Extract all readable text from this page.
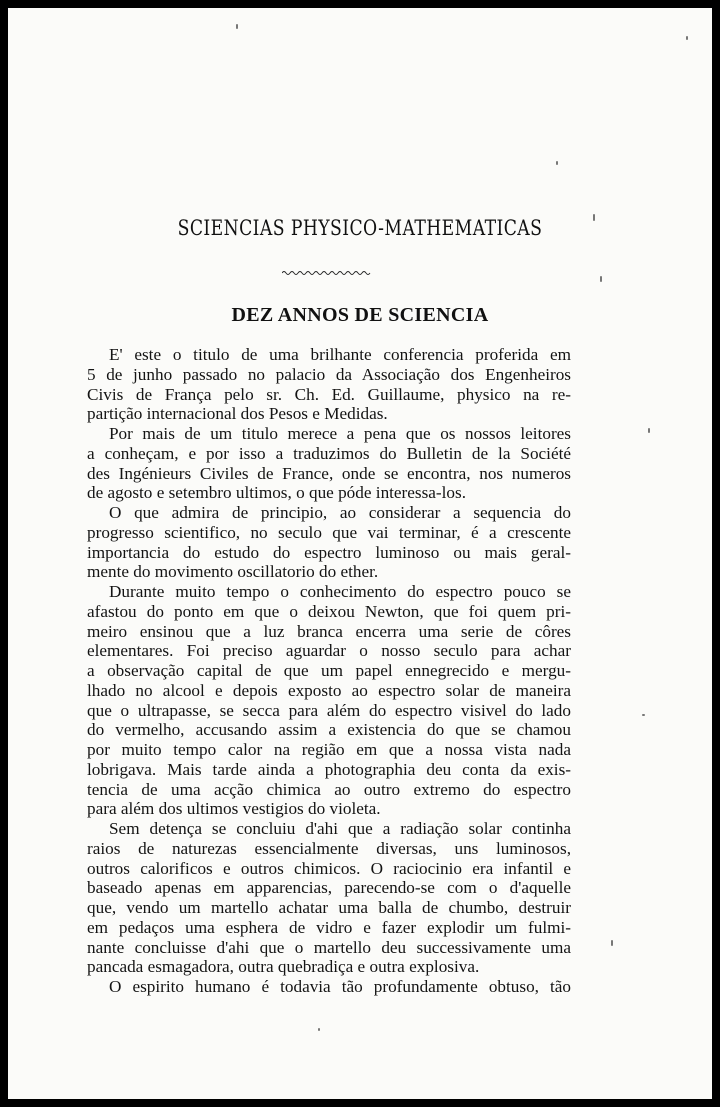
SCIENCIAS PHYSICO-MATHEMATICAS
DEZ ANNOS DE SCIENCIA
E' este o titulo de uma brilhante conferencia proferida em
5 de junho passado no palacio da Associação dos Engenheiros
Civis de França pelo sr. Ch. Ed. Guillaume, physico na re-
partição internacional dos Pesos e Medidas.
Por mais de um titulo merece a pena que os nossos leitores
a conheçam, e por isso a traduzimos do Bulletin de la Société
des Ingénieurs Civiles de France, onde se encontra, nos numeros
de agosto e setembro ultimos, o que póde interessa-los.
O que admira de principio, ao considerar a sequencia do
progresso scientifico, no seculo que vai terminar, é a crescente
importancia do estudo do espectro luminoso ou mais geral-
mente do movimento oscillatorio do ether.
Durante muito tempo o conhecimento do espectro pouco se
afastou do ponto em que o deixou Newton, que foi quem pri-
meiro ensinou que a luz branca encerra uma serie de côres
elementares. Foi preciso aguardar o nosso seculo para achar
a observação capital de que um papel ennegrecido e mergu-
lhado no alcool e depois exposto ao espectro solar de maneira
que o ultrapasse, se secca para além do espectro visivel do lado
do vermelho, accusando assim a existencia do que se chamou
por muito tempo calor na região em que a nossa vista nada
lobrigava. Mais tarde ainda a photographia deu conta da exis-
tencia de uma acção chimica ao outro extremo do espectro
para além dos ultimos vestigios do violeta.
Sem detença se concluiu d'ahi que a radiação solar continha
raios de naturezas essencialmente diversas, uns luminosos,
outros calorificos e outros chimicos. O raciocinio era infantil e
baseado apenas em apparencias, parecendo-se com o d'aquelle
que, vendo um martello achatar uma balla de chumbo, destruir
em pedaços uma esphera de vidro e fazer explodir um fulmi-
nante concluisse d'ahi que o martello deu successivamente uma
pancada esmagadora, outra quebradiça e outra explosiva.
O espirito humano é todavia tão profundamente obtuso, tão
